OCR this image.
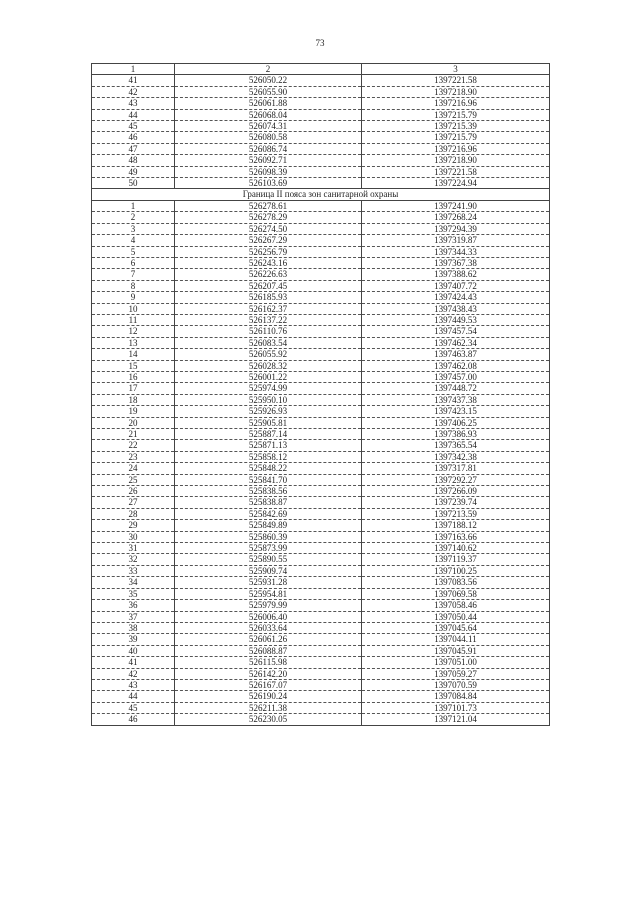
73
1	2	3
41	526050.22	1397221.58
42	526055.90	1397218.90
43	526061.88	1397216.96
44	526068.04	1397215.79
45	526074.31	1397215.39
46	526080.58	1397215.79
47	526086.74	1397216.96
48	526092.71	1397218.90
49	526098.39	1397221.58
50	526103.69	1397224.94
Граница II пояса зон санитарной охраны		
1	526278.61	1397241.90
2	526278.29	1397268.24
3	526274.50	1397294.39
4	526267.29	1397319.87
5	526256.79	1397344.33
6	526243.16	1397367.38
7	526226.63	1397388.62
8	526207.45	1397407.72
9	526185.93	1397424.43
10	526162.37	1397438.43
11	526137.22	1397449.53
12	526110.76	1397457.54
13	526083.54	1397462.34
14	526055.92	1397463.87
15	526028.32	1397462.08
16	526001.22	1397457.00
17	525974.99	1397448.72
18	525950.10	1397437.38
19	525926.93	1397423.15
20	525905.81	1397406.25
21	525887.14	1397386.93
22	525871.13	1397365.54
23	525858.12	1397342.38
24	525848.22	1397317.81
25	525841.70	1397292.27
26	525838.56	1397266.09
27	525838.87	1397239.74
28	525842.69	1397213.59
29	525849.89	1397188.12
30	525860.39	1397163.66
31	525873.99	1397140.62
32	525890.55	1397119.37
33	525909.74	1397100.25
34	525931.28	1397083.56
35	525954.81	1397069.58
36	525979.99	1397058.46
37	526006.40	1397050.44
38	526033.64	1397045.64
39	526061.26	1397044.11
40	526088.87	1397045.91
41	526115.98	1397051.00
42	526142.20	1397059.27
43	526167.07	1397070.59
44	526190.24	1397084.84
45	526211.38	1397101.73
46	526230.05	1397121.04
